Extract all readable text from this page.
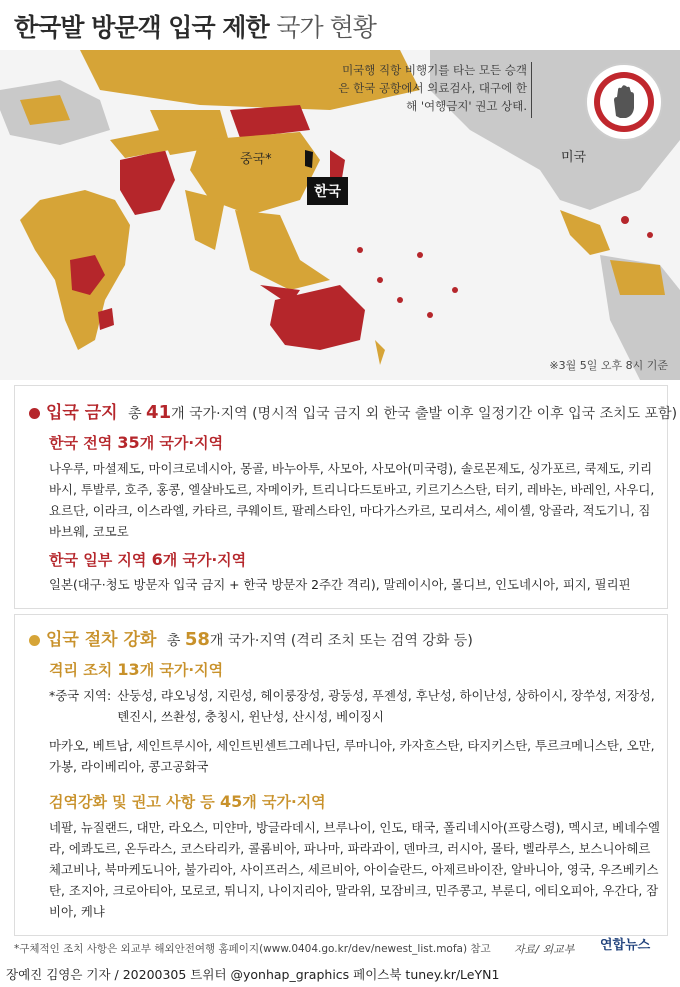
한국발 방문객 입국 제한 국가 현황
미국행 직항 비행기를 타는 모든 승객은 한국 공항에서 의료검사, 대구에 한해 '여행금지' 권고 상태.
중국*
한국
미국
※3월 5일 오후 8시 기준
입국 금지 총 41개 국가·지역 (명시적 입국 금지 외 한국 출발 이후 일정기간 이후 입국 조치도 포함)
한국 전역 35개 국가·지역
나우루, 마셜제도, 마이크로네시아, 몽골, 바누아투, 사모아, 사모아(미국령), 솔로몬제도, 싱가포르, 쿡제도, 키리바시, 투발루, 호주, 홍콩, 엘살바도르, 자메이카, 트리니다드토바고, 키르기스스탄, 터키, 레바논, 바레인, 사우디, 요르단, 이라크, 이스라엘, 카타르, 쿠웨이트, 팔레스타인, 마다가스카르, 모리셔스, 세이셸, 앙골라, 적도기니, 짐바브웨, 코모로
한국 일부 지역 6개 국가·지역
일본(대구·청도 방문자 입국 금지 + 한국 방문자 2주간 격리), 말레이시아, 몰디브, 인도네시아, 피지, 필리핀
입국 절차 강화 총 58개 국가·지역 (격리 조치 또는 검역 강화 등)
격리 조치 13개 국가·지역
*중국 지역: 산둥성, 랴오닝성, 지린성, 헤이룽장성, 광둥성, 푸젠성, 후난성, 하이난성, 상하이시, 장쑤성, 저장성, 톈진시, 쓰촨성, 충칭시, 윈난성, 산시성, 베이징시
마카오, 베트남, 세인트루시아, 세인트빈센트그레나딘, 루마니아, 카자흐스탄, 타지키스탄, 투르크메니스탄, 오만, 가봉, 라이베리아, 콩고공화국
검역강화 및 권고 사항 등 45개 국가·지역
네팔, 뉴질랜드, 대만, 라오스, 미얀마, 방글라데시, 브루나이, 인도, 태국, 폴리네시아(프랑스령), 멕시코, 베네수엘라, 에콰도르, 온두라스, 코스타리카, 콜롬비아, 파나마, 파라과이, 덴마크, 러시아, 몰타, 벨라루스, 보스니아헤르체고비나, 북마케도니아, 불가리아, 사이프러스, 세르비아, 아이슬란드, 아제르바이잔, 알바니아, 영국, 우즈베키스탄, 조지아, 크로아티아, 모로코, 튀니지, 나이지리아, 말라위, 모잠비크, 민주콩고, 부룬디, 에티오피아, 우간다, 잠비아, 케냐
*구체적인 조치 사항은 외교부 해외안전여행 홈페이지(www.0404.go.kr/dev/newest_list.mofa) 참고 자료/ 외교부 연합뉴스
장예진 김영은 기자 / 20200305 트위터 @yonhap_graphics 페이스북 tuney.kr/LeYN1
